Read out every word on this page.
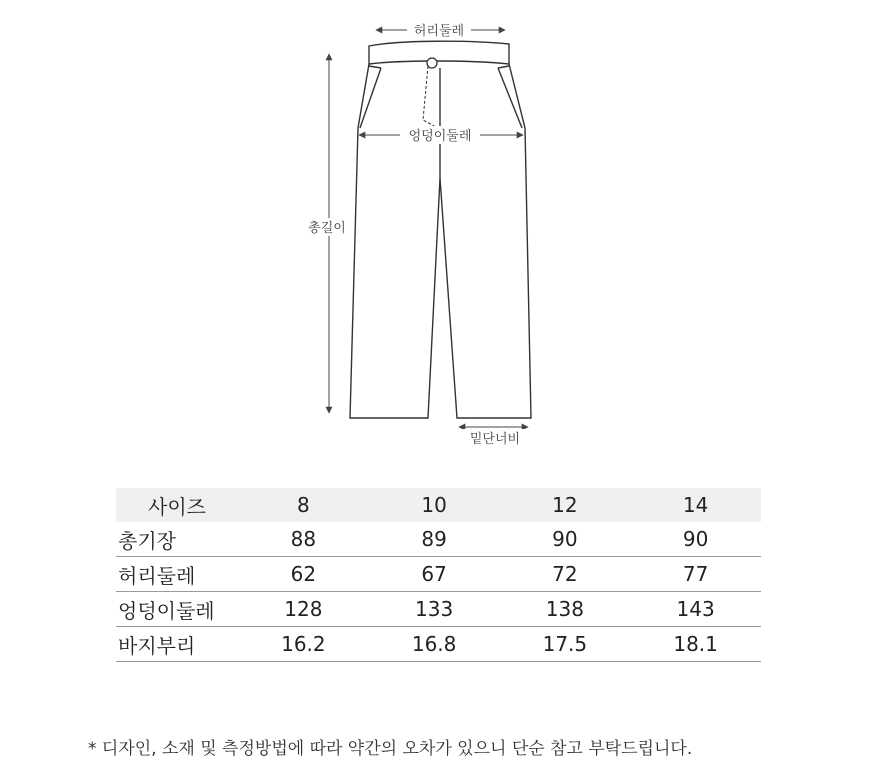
허리둘레
엉덩이둘레
총길이
밑단너비
사이즈	8	10	12	14
총기장	88	89	90	90
허리둘레	62	67	72	77
엉덩이둘레	128	133	138	143
바지부리	16.2	16.8	17.5	18.1
* 디자인, 소재 및 측정방법에 따라 약간의 오차가 있으니 단순 참고 부탁드립니다.
